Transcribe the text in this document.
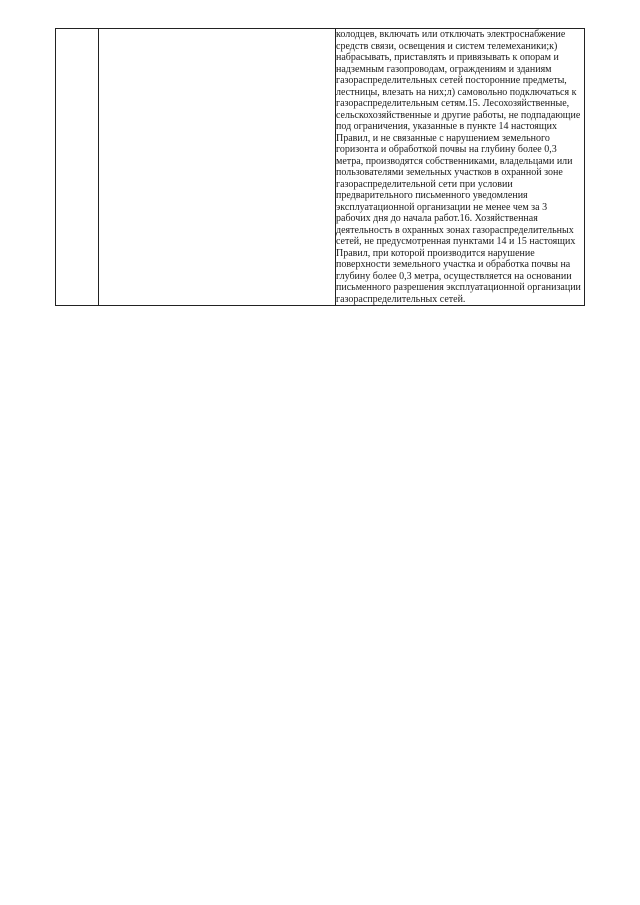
колодцев, включать или отключать электроснабжение средств связи, освещения и систем телемеханики;к) набрасывать, приставлять и привязывать к опорам и надземным газопроводам, ограждениям и зданиям газораспределительных сетей посторонние предметы, лестницы, влезать на них;л) самовольно подключаться к газораспределительным сетям.15. Лесохозяйственные, сельскохозяйственные и другие работы, не подпадающие под ограничения, указанные в пункте 14 настоящих Правил, и не связанные с нарушением земельного горизонта и обработкой почвы на глубину более 0,3 метра, производятся собственниками, владельцами или пользователями земельных участков в охранной зоне газораспределительной сети при условии предварительного письменного уведомления эксплуатационной организации не менее чем за 3 рабочих дня до начала работ.16. Хозяйственная деятельность в охранных зонах газораспределительных сетей, не предусмотренная пунктами 14 и 15 настоящих Правил, при которой производится нарушение поверхности земельного участка и обработка почвы на глубину более 0,3 метра, осуществляется на основании письменного разрешения эксплуатационной организации газораспределительных сетей.
